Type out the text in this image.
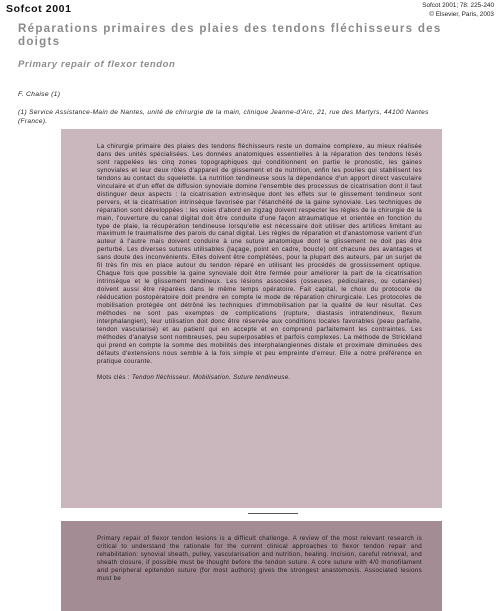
Sofcot 2001	Sofcot 2001; 78: 225-240
© Elsevier, Paris, 2003
Réparations primaires des plaies des tendons fléchisseurs des doigts
Primary repair of flexor tendon
F. Chaise (1)
(1) Service Assistance-Main de Nantes, unité de chirurgie de la main, clinique Jeanne-d'Arc, 21, rue des Martyrs, 44100 Nantes (France).

La chirurgie primaire des plaies des tendons fléchisseurs reste un domaine complexe, au mieux réalisée dans des unités spécialisées. Les données anatomiques essentielles à la réparation des tendons lésés sont rappelées les cinq zones topographiques qui conditionnent en partie le pronostic, les gaines synoviales et leur deux rôles d'appareil de glissement et de nutrition, enfin les poulies qui stabilisent les tendons au contact du squelette. La nutrition tendineuse sous la dépendance d'un apport direct vasculaire vinculaire et d'un effet de diffusion synoviale domine l'ensemble des processus de cicatrisation dont il faut distinguer deux aspects : la cicatrisation extrinsèque dont les effets sur le glissement tendineux sont pervers, et la cicatrisation intrinsèque favorisée par l'étanchéité de la gaine synoviale. Les techniques de réparation sont développées : les voies d'abord en zigzag doivent respecter les règles de la chirurgie de la main, l'ouverture du canal digital doit être conduite d'une façon atraumatique et orientée en fonction du type de plaie, la récupération tendineuse lorsqu'elle est nécessaire doit utiliser des artifices limitant au maximum le traumatisme des parois du canal digital. Les règles de réparation et d'anastomose varient d'un auteur à l'autre mais doivent conduire à une suture anatomique dont le glissement ne doit pas être perturbé. Les diverses sutures utilisables (laçage, point en cadre, boucle) ont chacune des avantages et sans doute des inconvénients. Elles doivent être complétées, pour la plupart des auteurs, par un surjet de fil très fin mis en place autour du tendon réparé en utilisant les procédés de grossissement optique. Chaque fois que possible la gaine synoviale doit être fermée pour améliorer la part de la cicatrisation intrinsèque et le glissement tendineux. Les lésions associées (osseuses, pédiculaires, ou cutanées) doivent aussi être réparées dans le même temps opératoire. Fait capital, le choix du protocole de rééducation postopératoire doit prendre en compte le mode de réparation chirurgicale. Les protocoles de mobilisation protégée ont détrôné les techniques d'immobilisation par la qualité de leur résultat. Ces méthodes ne sont pas exemptes de complications (rupture, diastasis intratendineux, flexum interphalangien), leur utilisation doit donc être réservée aux conditions locales favorables (peau parfaite, tendon vascularisé) et au patient qui en accepte et en comprend parfaitement les contraintes. Les méthodes d'analyse sont nombreuses, peu superposables et parfois complexes. La méthode de Strickland qui prend en compte la somme des mobilités des interphalangiennes distale et proximale diminuées des défauts d'extensions nous semble à la fois simple et peu empreinte d'erreur. Elle a notre préférence en pratique courante.

Mots clés : Tendon fléchisseur. Mobilisation. Suture tendineuse.

Primary repair of flexor tendon lesions is a difficult challenge. A review of the most relevant research is critical to understand the rationale for the current clinical approaches to flexor tendon repair and rehabilitation: synovial sheath, pulley, vascularisation and nutrition, healing. Incision, careful retrieval, and sheath closure, if possible must be thought before the tendon suture. A core suture with 4/0 monofilament and peripheral epitendon suture (for most authors) gives the strongest anastomosis. Associated lesions must be
